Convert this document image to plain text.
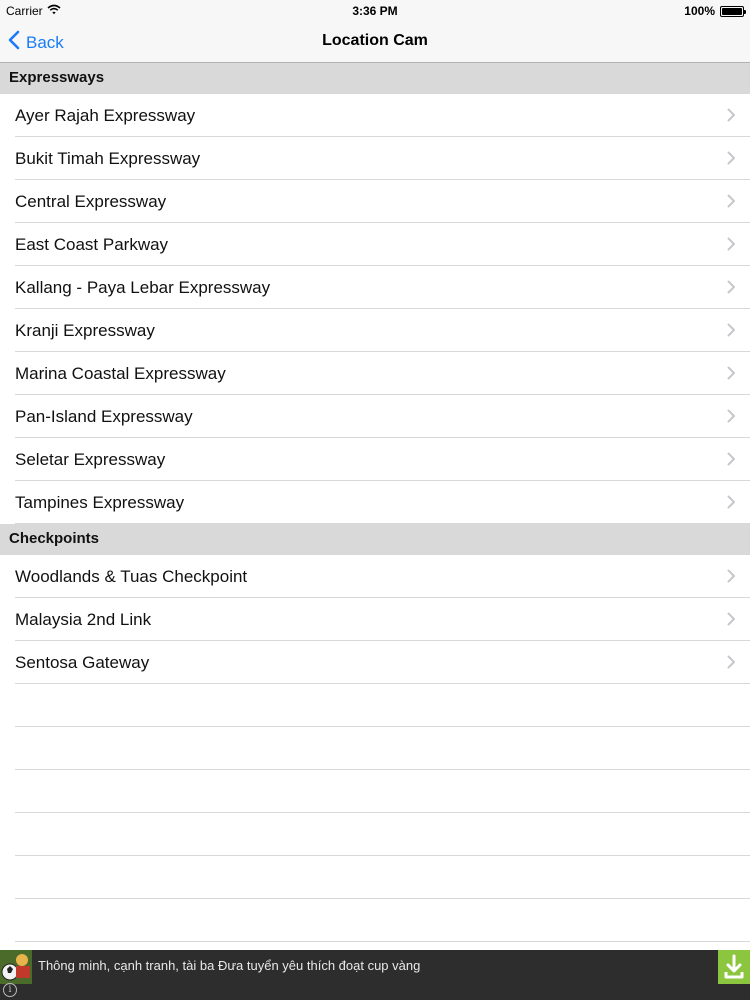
Carrier	3:36 PM	100%
Back	Location Cam
Expressways
Ayer Rajah Expressway
Bukit Timah Expressway
Central Expressway
East Coast Parkway
Kallang - Paya Lebar Expressway
Kranji Expressway
Marina Coastal Expressway
Pan-Island Expressway
Seletar Expressway
Tampines Expressway
Checkpoints
Woodlands & Tuas Checkpoint
Malaysia 2nd Link
Sentosa Gateway
i
Thông minh, cạnh tranh, tài ba Đưa tuyển yêu thích đoạt cup vàng
